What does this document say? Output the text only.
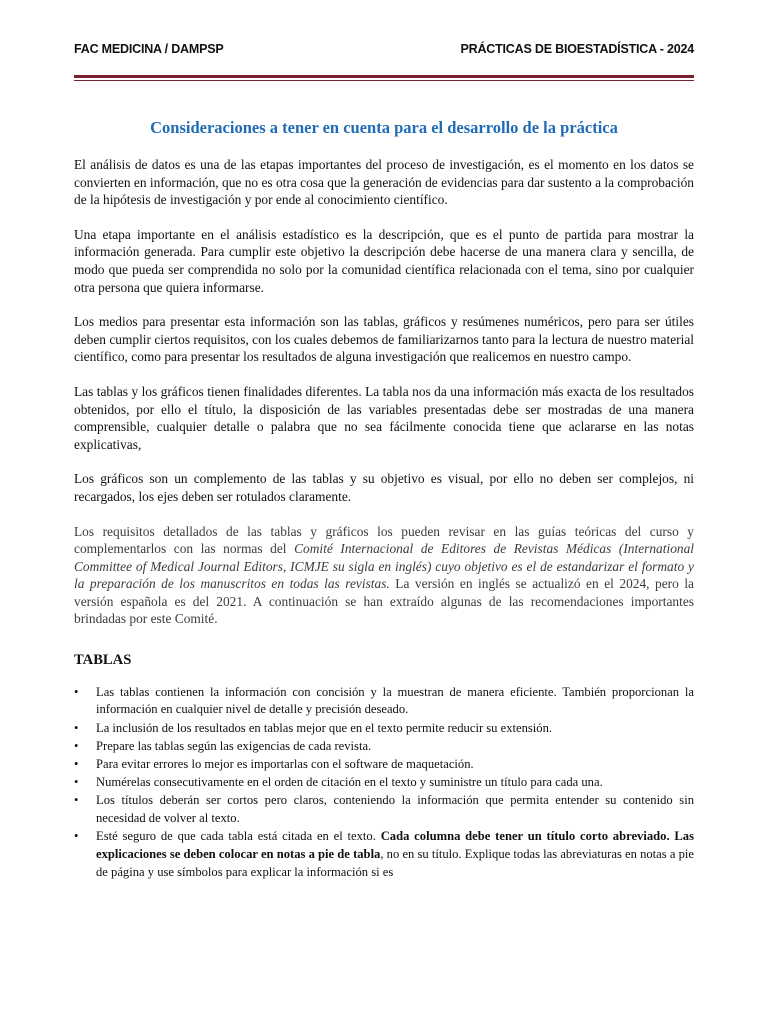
FAC MEDICINA / DAMPSP	PRÁCTICAS DE BIOESTADÍSTICA - 2024
Consideraciones a tener en cuenta para el desarrollo de la práctica

El análisis de datos es una de las etapas importantes del proceso de investigación, es el momento en los datos se convierten en información, que no es otra cosa que la generación de evidencias para dar sustento a la comprobación de la hipótesis de investigación y por ende al conocimiento científico.

Una etapa importante en el análisis estadístico es la descripción, que es el punto de partida para mostrar la información generada. Para cumplir este objetivo la descripción debe hacerse de una manera clara y sencilla, de modo que pueda ser comprendida no solo por la comunidad científica relacionada con el tema, sino por cualquier otra persona que quiera informarse.

Los medios para presentar esta información son las tablas, gráficos y resúmenes numéricos, pero para ser útiles deben cumplir ciertos requisitos, con los cuales debemos de familiarizarnos tanto para la lectura de nuestro material científico, como para presentar los resultados de alguna investigación que realicemos en nuestro campo.

Las tablas y los gráficos tienen finalidades diferentes. La tabla nos da una información más exacta de los resultados obtenidos, por ello el título, la disposición de las variables presentadas debe ser mostradas de una manera comprensible, cualquier detalle o palabra que no sea fácilmente conocida tiene que aclararse en las notas explicativas,

Los gráficos son un complemento de las tablas y su objetivo es visual, por ello no deben ser complejos, ni recargados, los ejes deben ser rotulados claramente.

Los requisitos detallados de las tablas y gráficos los pueden revisar en las guías teóricas del curso y complementarlos con las normas del Comité Internacional de Editores de Revistas Médicas (International Committee of Medical Journal Editors, ICMJE su sigla en inglés) cuyo objetivo es el de estandarizar el formato y la preparación de los manuscritos en todas las revistas. La versión en inglés se actualizó en el 2024, pero la versión española es del 2021. A continuación se han extraído algunas de las recomendaciones importantes brindadas por este Comité.

TABLAS
• Las tablas contienen la información con concisión y la muestran de manera eficiente. También proporcionan la información en cualquier nivel de detalle y precisión deseado.
• La inclusión de los resultados en tablas mejor que en el texto permite reducir su extensión.
• Prepare las tablas según las exigencias de cada revista.
• Para evitar errores lo mejor es importarlas con el software de maquetación.
• Numérelas consecutivamente en el orden de citación en el texto y suministre un título para cada una.
• Los títulos deberán ser cortos pero claros, conteniendo la información que permita entender su contenido sin necesidad de volver al texto.
• Esté seguro de que cada tabla está citada en el texto. Cada columna debe tener un título corto abreviado. Las explicaciones se deben colocar en notas a pie de tabla, no en su título. Explique todas las abreviaturas en notas a pie de página y use símbolos para explicar la información si es
